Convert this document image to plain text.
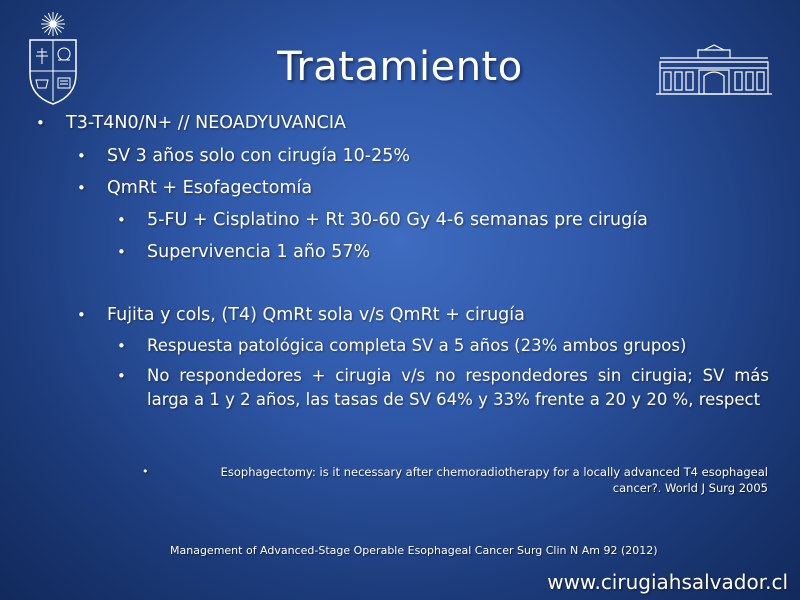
Tratamiento
• T3-T4N0/N+ // NEOADYUVANCIA
• SV 3 años solo con cirugía 10-25%
• QmRt + Esofagectomía
• 5-FU + Cisplatino + Rt 30-60 Gy 4-6 semanas pre cirugía
• Supervivencia 1 año 57%
• Fujita y cols, (T4) QmRt sola v/s QmRt + cirugía
• Respuesta patológica completa SV a 5 años (23% ambos grupos)
• No respondedores + cirugia v/s no respondedores sin cirugia; SV más larga a 1 y 2 años, las tasas de SV 64% y 33% frente a 20 y 20 %, respect
•	Esophagectomy: is it necessary after chemoradiotherapy for a locally advanced T4 esophageal cancer?. World J Surg 2005
Management of Advanced-Stage Operable Esophageal Cancer Surg Clin N Am 92 (2012)
www.cirugiahsalvador.cl
